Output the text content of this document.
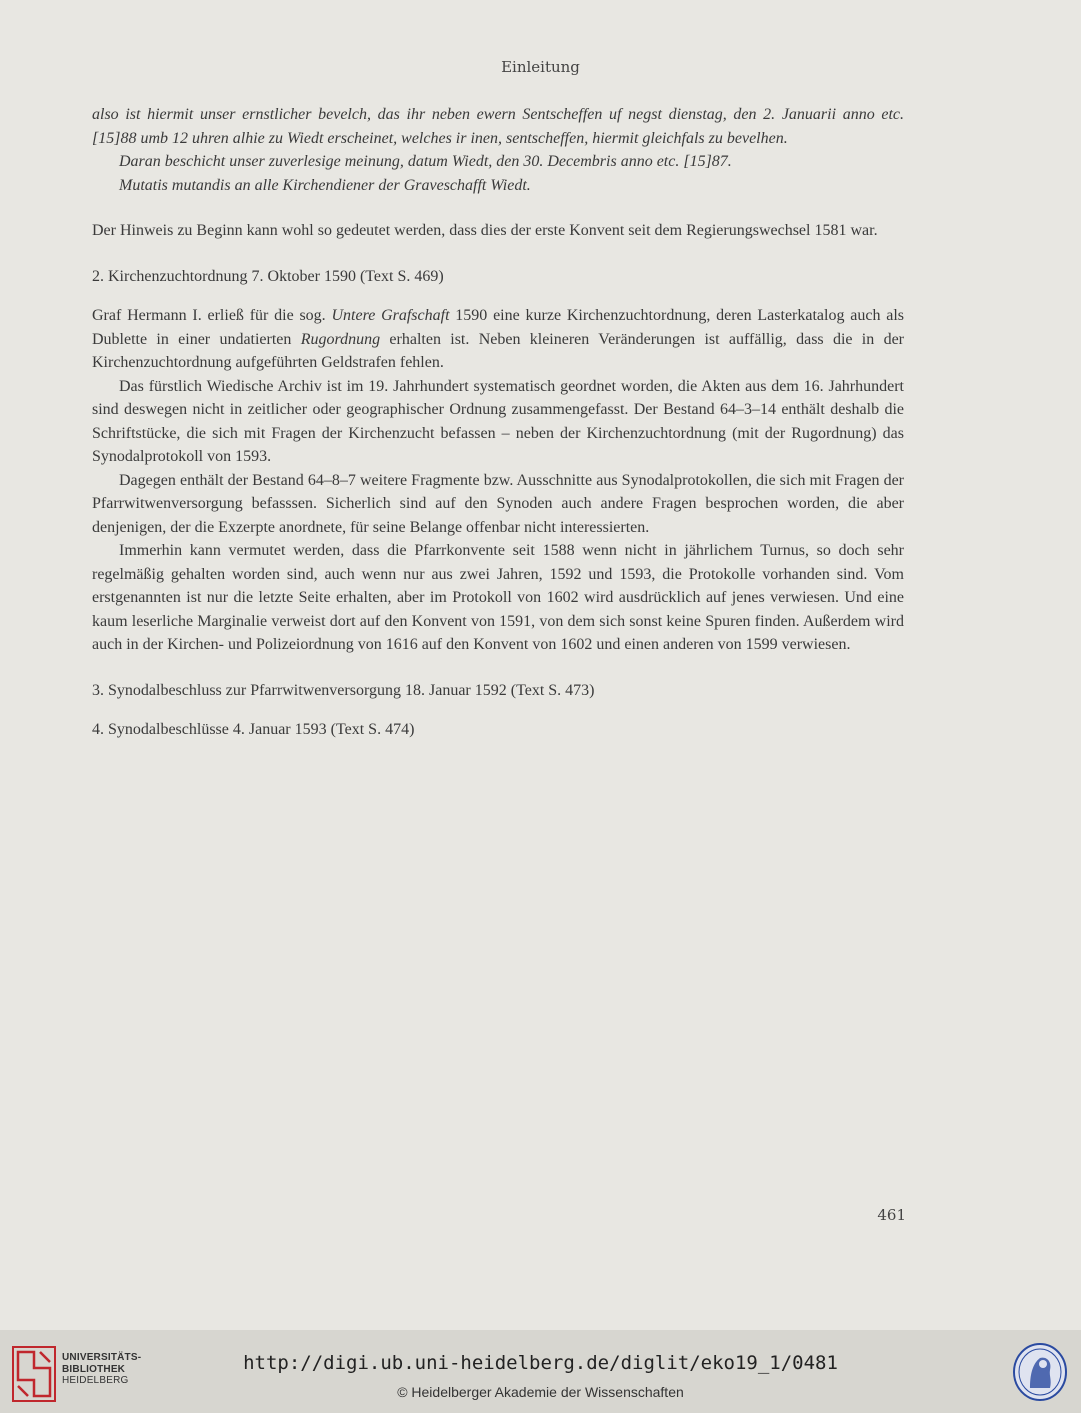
Einleitung

also ist hiermit unser ernstlicher bevelch, das ihr neben ewern Sentscheffen uf negst dienstag, den 2. Januarii anno etc. [15]88 umb 12 uhren alhie zu Wiedt erscheinet, welches ir inen, sentscheffen, hiermit gleichfals zu bevelhen.

Daran beschicht unser zuverlesige meinung, datum Wiedt, den 30. Decembris anno etc. [15]87.

Mutatis mutandis an alle Kirchendiener der Graveschafft Wiedt.

Der Hinweis zu Beginn kann wohl so gedeutet werden, dass dies der erste Konvent seit dem Regierungswechsel 1581 war.

2. Kirchenzuchtordnung 7. Oktober 1590 (Text S. 469)

Graf Hermann I. erließ für die sog. Untere Grafschaft 1590 eine kurze Kirchenzuchtordnung, deren Lasterkatalog auch als Dublette in einer undatierten Rugordnung erhalten ist. Neben kleineren Veränderungen ist auffällig, dass die in der Kirchenzuchtordnung aufgeführten Geldstrafen fehlen.

Das fürstlich Wiedische Archiv ist im 19. Jahrhundert systematisch geordnet worden, die Akten aus dem 16. Jahrhundert sind deswegen nicht in zeitlicher oder geographischer Ordnung zusammengefasst. Der Bestand 64–3–14 enthält deshalb die Schriftstücke, die sich mit Fragen der Kirchenzucht befassen – neben der Kirchenzuchtordnung (mit der Rugordnung) das Synodalprotokoll von 1593.

Dagegen enthält der Bestand 64–8–7 weitere Fragmente bzw. Ausschnitte aus Synodalprotokollen, die sich mit Fragen der Pfarrwitwenversorgung befasssen. Sicherlich sind auf den Synoden auch andere Fragen besprochen worden, die aber denjenigen, der die Exzerpte anordnete, für seine Belange offenbar nicht interessierten.

Immerhin kann vermutet werden, dass die Pfarrkonvente seit 1588 wenn nicht in jährlichem Turnus, so doch sehr regelmäßig gehalten worden sind, auch wenn nur aus zwei Jahren, 1592 und 1593, die Protokolle vorhanden sind. Vom erstgenannten ist nur die letzte Seite erhalten, aber im Protokoll von 1602 wird ausdrücklich auf jenes verwiesen. Und eine kaum leserliche Marginalie verweist dort auf den Konvent von 1591, von dem sich sonst keine Spuren finden. Außerdem wird auch in der Kirchen- und Polizeiordnung von 1616 auf den Konvent von 1602 und einen anderen von 1599 verwiesen.

3. Synodalbeschluss zur Pfarrwitwenversorgung 18. Januar 1592 (Text S. 473)

4. Synodalbeschlüsse 4. Januar 1593 (Text S. 474)

461
UNIVERSITÄTS-
BIBLIOTHEK
HEIDELBERG
http://digi.ub.uni-heidelberg.de/diglit/eko19_1/0481
© Heidelberger Akademie der Wissenschaften
